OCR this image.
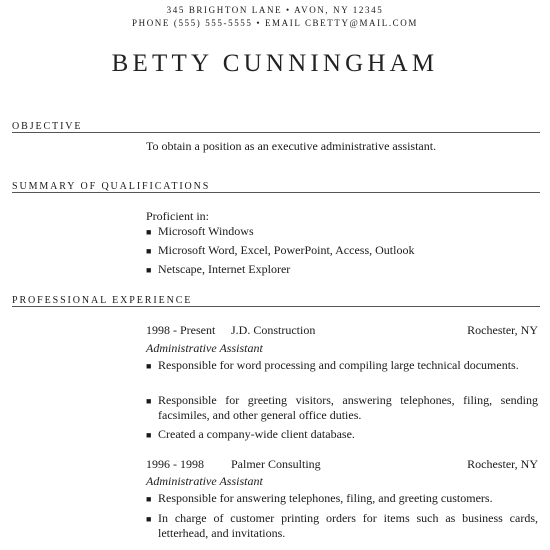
345 BRIGHTON LANE • AVON, NY 12345
PHONE (555) 555-5555 • EMAIL CBETTY@MAIL.COM
BETTY CUNNINGHAM
OBJECTIVE
To obtain a position as an executive administrative assistant.
SUMMARY OF QUALIFICATIONS
Proficient in:
■ Microsoft Windows
■ Microsoft Word, Excel, PowerPoint, Access, Outlook
■ Netscape, Internet Explorer
PROFESSIONAL EXPERIENCE
1998 - Present J.D. Construction	Rochester, NY
Administrative Assistant
■ Responsible for word processing and compiling large technical documents.
■ Responsible for greeting visitors, answering telephones, filing, sending facsimiles, and other general office duties.
■ Created a company-wide client database.
1996 - 1998 Palmer Consulting	Rochester, NY
Administrative Assistant
■ Responsible for answering telephones, filing, and greeting customers.
■ In charge of customer printing orders for items such as business cards, letterhead, and invitations.
